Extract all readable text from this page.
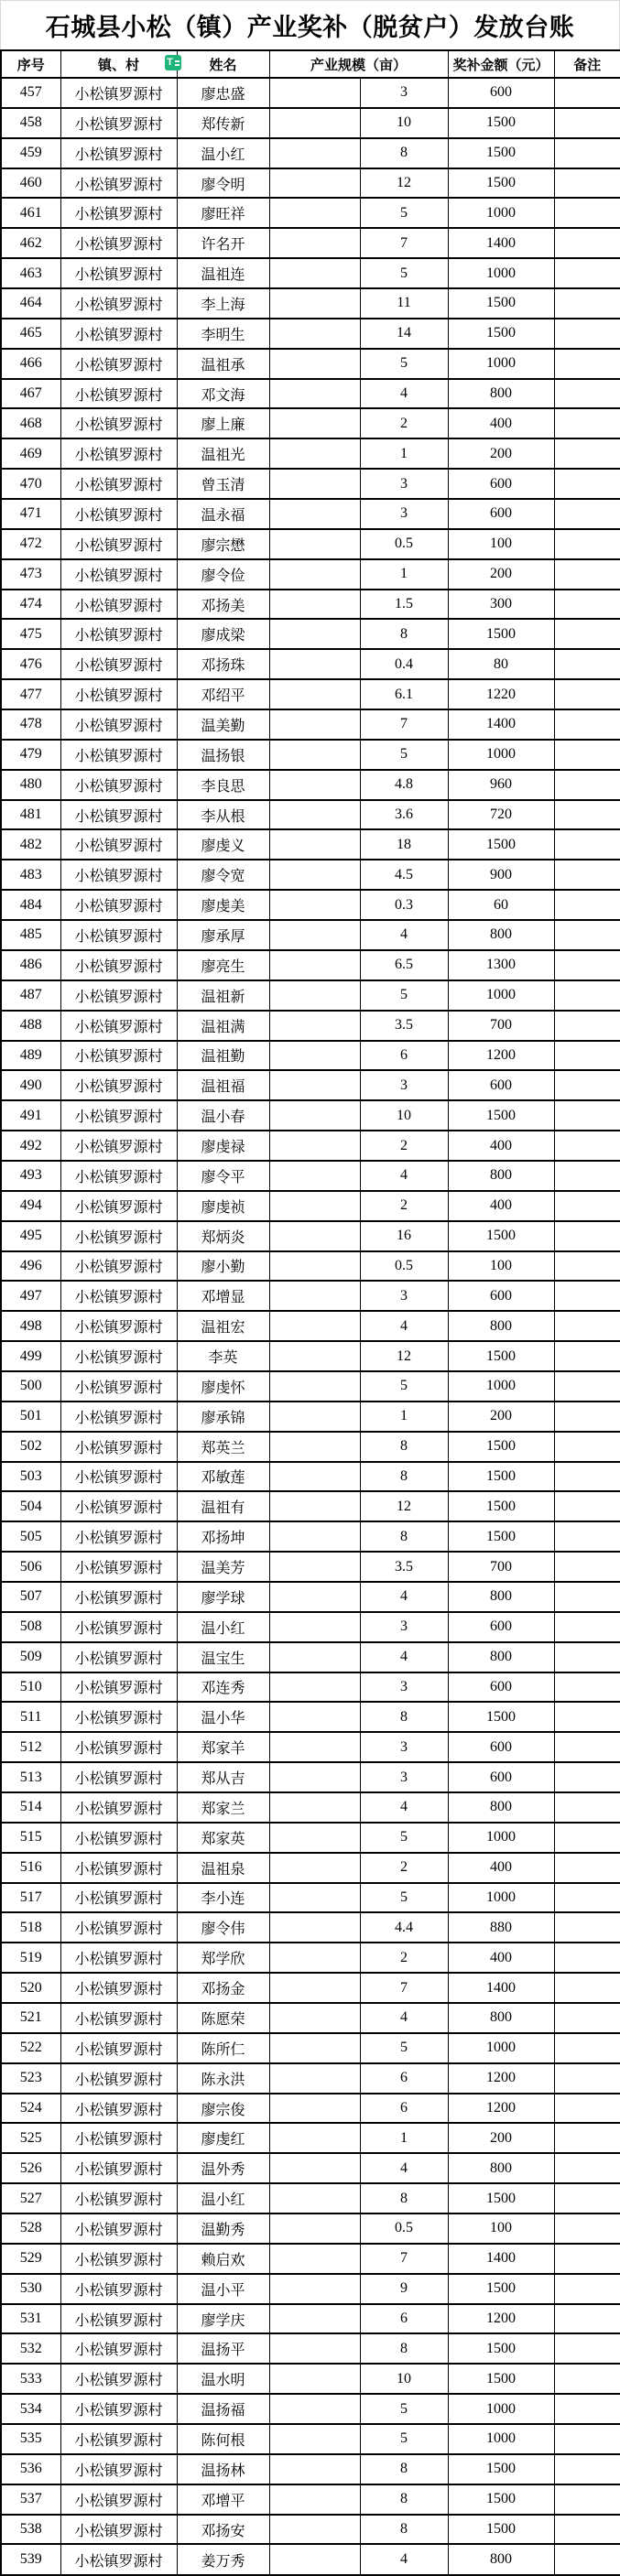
石城县小松（镇）产业奖补（脱贫户）发放台账
T
序号	镇、村	姓名	产业规模（亩）		奖补金额（元）	备注
457	小松镇罗源村	廖忠盛		3	600	
458	小松镇罗源村	郑传新		10	1500	
459	小松镇罗源村	温小红		8	1500	
460	小松镇罗源村	廖令明		12	1500	
461	小松镇罗源村	廖旺祥		5	1000	
462	小松镇罗源村	许名开		7	1400	
463	小松镇罗源村	温祖连		5	1000	
464	小松镇罗源村	李上海		11	1500	
465	小松镇罗源村	李明生		14	1500	
466	小松镇罗源村	温祖承		5	1000	
467	小松镇罗源村	邓文海		4	800	
468	小松镇罗源村	廖上廉		2	400	
469	小松镇罗源村	温祖光		1	200	
470	小松镇罗源村	曾玉清		3	600	
471	小松镇罗源村	温永福		3	600	
472	小松镇罗源村	廖宗懋		0.5	100	
473	小松镇罗源村	廖令俭		1	200	
474	小松镇罗源村	邓扬美		1.5	300	
475	小松镇罗源村	廖成梁		8	1500	
476	小松镇罗源村	邓扬珠		0.4	80	
477	小松镇罗源村	邓绍平		6.1	1220	
478	小松镇罗源村	温美勤		7	1400	
479	小松镇罗源村	温扬银		5	1000	
480	小松镇罗源村	李良思		4.8	960	
481	小松镇罗源村	李从根		3.6	720	
482	小松镇罗源村	廖虔义		18	1500	
483	小松镇罗源村	廖令宽		4.5	900	
484	小松镇罗源村	廖虔美		0.3	60	
485	小松镇罗源村	廖承厚		4	800	
486	小松镇罗源村	廖亮生		6.5	1300	
487	小松镇罗源村	温祖新		5	1000	
488	小松镇罗源村	温祖满		3.5	700	
489	小松镇罗源村	温祖勤		6	1200	
490	小松镇罗源村	温祖福		3	600	
491	小松镇罗源村	温小春		10	1500	
492	小松镇罗源村	廖虔禄		2	400	
493	小松镇罗源村	廖令平		4	800	
494	小松镇罗源村	廖虔祯		2	400	
495	小松镇罗源村	郑炳炎		16	1500	
496	小松镇罗源村	廖小勤		0.5	100	
497	小松镇罗源村	邓增显		3	600	
498	小松镇罗源村	温祖宏		4	800	
499	小松镇罗源村	李英		12	1500	
500	小松镇罗源村	廖虔怀		5	1000	
501	小松镇罗源村	廖承锦		1	200	
502	小松镇罗源村	郑英兰		8	1500	
503	小松镇罗源村	邓敏莲		8	1500	
504	小松镇罗源村	温祖有		12	1500	
505	小松镇罗源村	邓扬坤		8	1500	
506	小松镇罗源村	温美芳		3.5	700	
507	小松镇罗源村	廖学球		4	800	
508	小松镇罗源村	温小红		3	600	
509	小松镇罗源村	温宝生		4	800	
510	小松镇罗源村	邓连秀		3	600	
511	小松镇罗源村	温小华		8	1500	
512	小松镇罗源村	郑家羊		3	600	
513	小松镇罗源村	郑从吉		3	600	
514	小松镇罗源村	郑家兰		4	800	
515	小松镇罗源村	郑家英		5	1000	
516	小松镇罗源村	温祖泉		2	400	
517	小松镇罗源村	李小连		5	1000	
518	小松镇罗源村	廖令伟		4.4	880	
519	小松镇罗源村	郑学欣		2	400	
520	小松镇罗源村	邓扬金		7	1400	
521	小松镇罗源村	陈愿荣		4	800	
522	小松镇罗源村	陈所仁		5	1000	
523	小松镇罗源村	陈永洪		6	1200	
524	小松镇罗源村	廖宗俊		6	1200	
525	小松镇罗源村	廖虔红		1	200	
526	小松镇罗源村	温外秀		4	800	
527	小松镇罗源村	温小红		8	1500	
528	小松镇罗源村	温勤秀		0.5	100	
529	小松镇罗源村	赖启欢		7	1400	
530	小松镇罗源村	温小平		9	1500	
531	小松镇罗源村	廖学庆		6	1200	
532	小松镇罗源村	温扬平		8	1500	
533	小松镇罗源村	温水明		10	1500	
534	小松镇罗源村	温扬福		5	1000	
535	小松镇罗源村	陈何根		5	1000	
536	小松镇罗源村	温扬林		8	1500	
537	小松镇罗源村	邓增平		8	1500	
538	小松镇罗源村	邓扬安		8	1500	
539	小松镇罗源村	姜万秀		4	800	
